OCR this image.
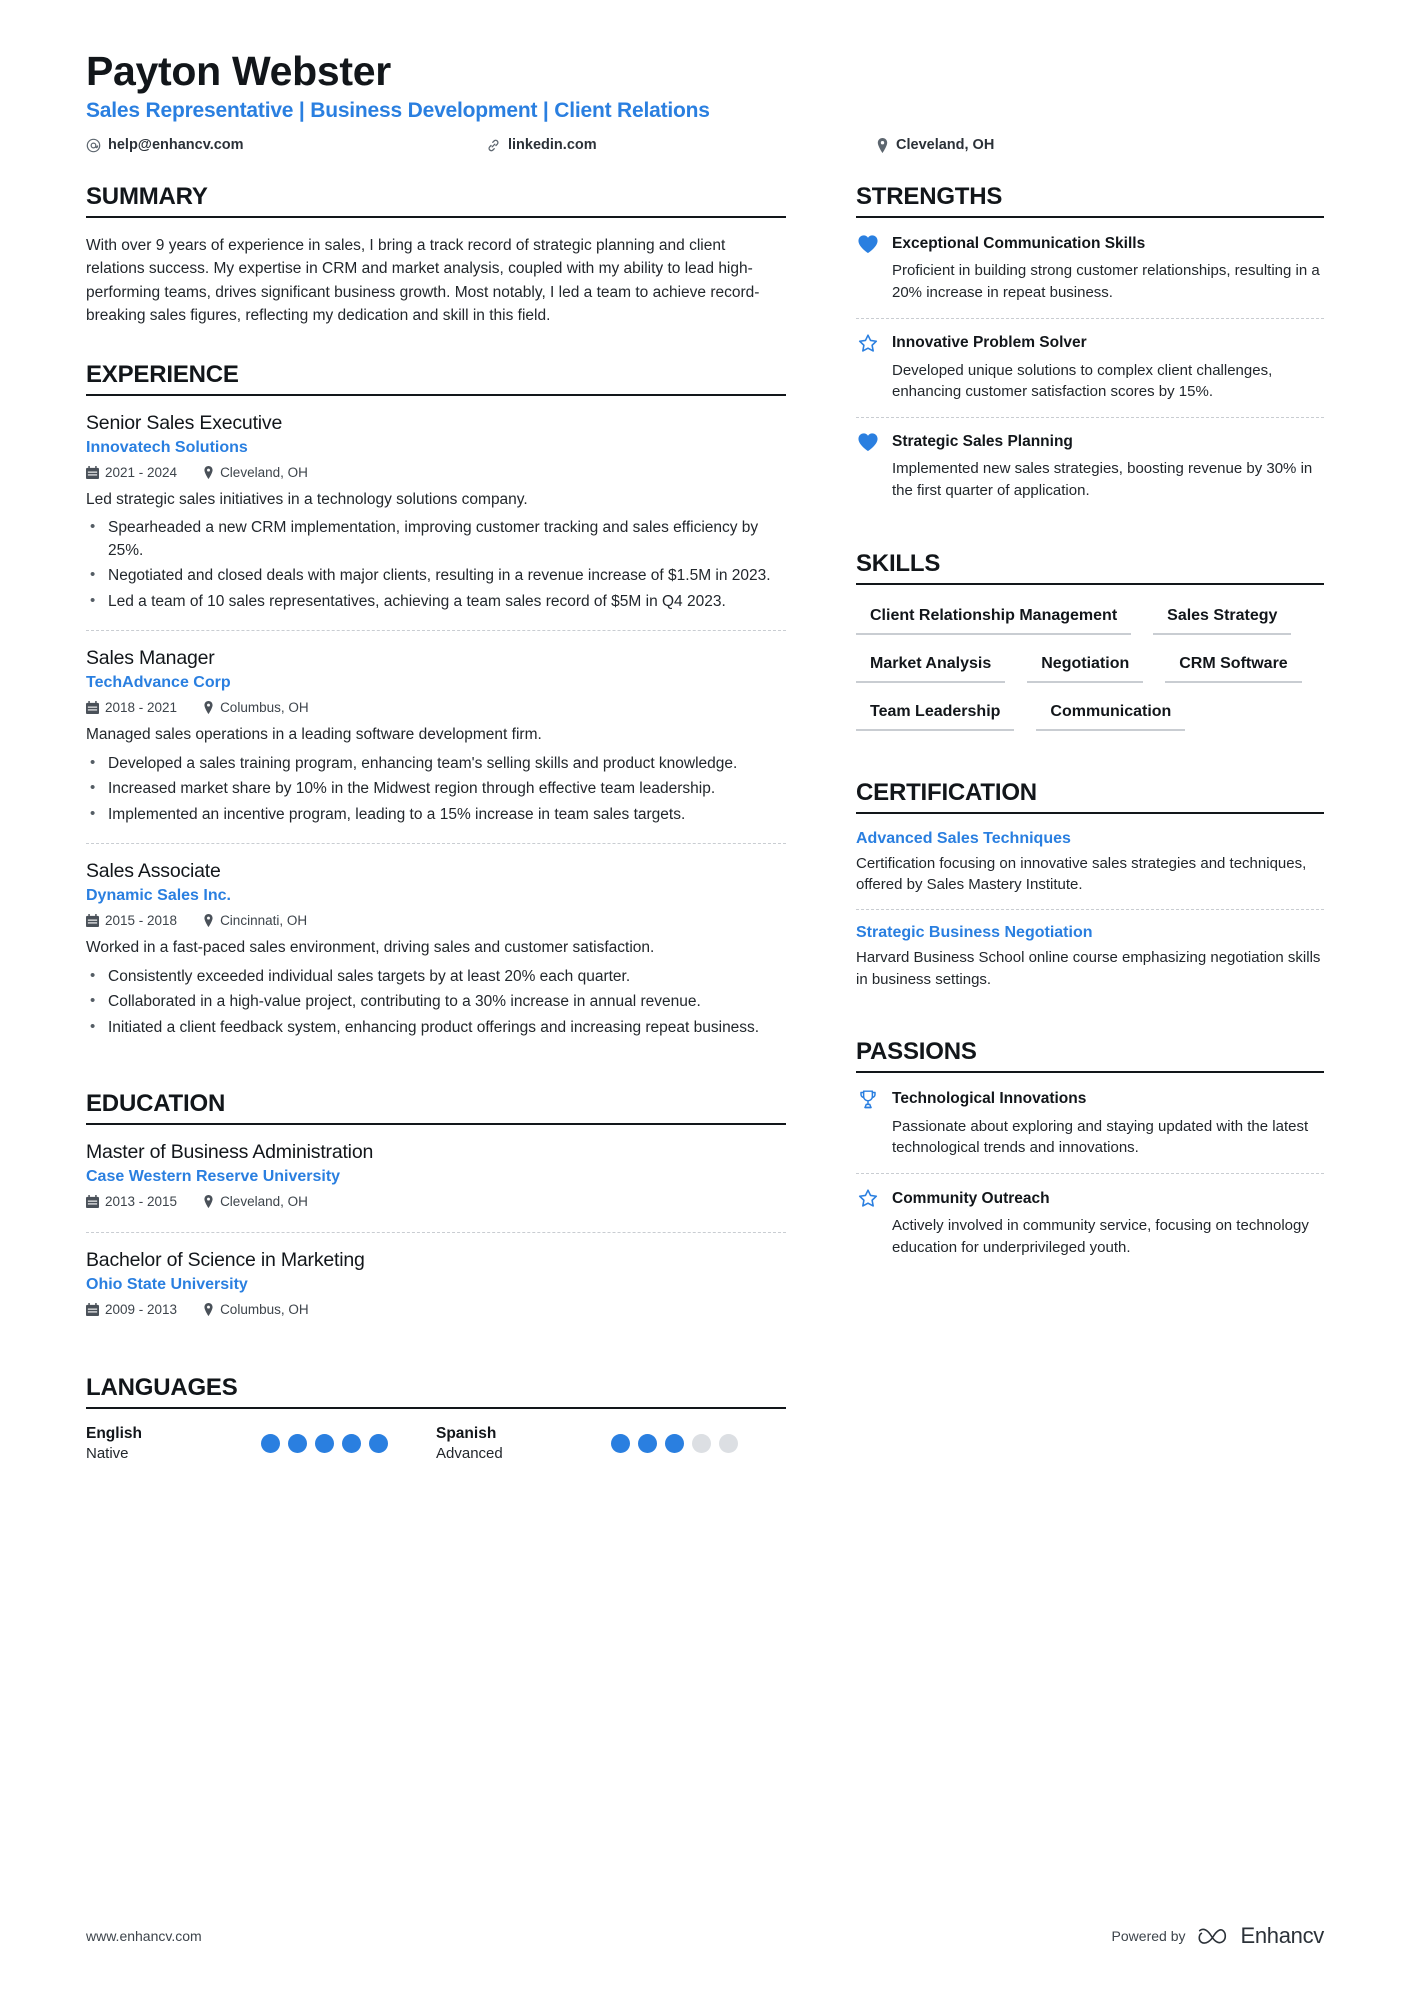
Payton Webster
Sales Representative | Business Development | Client Relations
help@enhancv.com	linkedin.com	Cleveland, OH
SUMMARY
With over 9 years of experience in sales, I bring a track record of strategic planning and client relations success. My expertise in CRM and market analysis, coupled with my ability to lead high-performing teams, drives significant business growth. Most notably, I led a team to achieve record-breaking sales figures, reflecting my dedication and skill in this field.
EXPERIENCE
Senior Sales Executive
Innovatech Solutions
2021 - 2024	Cleveland, OH
Led strategic sales initiatives in a technology solutions company.
• Spearheaded a new CRM implementation, improving customer tracking and sales efficiency by 25%.
• Negotiated and closed deals with major clients, resulting in a revenue increase of $1.5M in 2023.
• Led a team of 10 sales representatives, achieving a team sales record of $5M in Q4 2023.
Sales Manager
TechAdvance Corp
2018 - 2021	Columbus, OH
Managed sales operations in a leading software development firm.
• Developed a sales training program, enhancing team's selling skills and product knowledge.
• Increased market share by 10% in the Midwest region through effective team leadership.
• Implemented an incentive program, leading to a 15% increase in team sales targets.
Sales Associate
Dynamic Sales Inc.
2015 - 2018	Cincinnati, OH
Worked in a fast-paced sales environment, driving sales and customer satisfaction.
• Consistently exceeded individual sales targets by at least 20% each quarter.
• Collaborated in a high-value project, contributing to a 30% increase in annual revenue.
• Initiated a client feedback system, enhancing product offerings and increasing repeat business.
EDUCATION
Master of Business Administration
Case Western Reserve University
2013 - 2015	Cleveland, OH
Bachelor of Science in Marketing
Ohio State University
2009 - 2013	Columbus, OH
LANGUAGES
English
Native
Spanish
Advanced
STRENGTHS
Exceptional Communication Skills
Proficient in building strong customer relationships, resulting in a 20% increase in repeat business.
Innovative Problem Solver
Developed unique solutions to complex client challenges, enhancing customer satisfaction scores by 15%.
Strategic Sales Planning
Implemented new sales strategies, boosting revenue by 30% in the first quarter of application.
SKILLS
Client Relationship Management	Sales Strategy
Market Analysis	Negotiation	CRM Software
Team Leadership	Communication
CERTIFICATION
Advanced Sales Techniques
Certification focusing on innovative sales strategies and techniques, offered by Sales Mastery Institute.
Strategic Business Negotiation
Harvard Business School online course emphasizing negotiation skills in business settings.
PASSIONS
Technological Innovations
Passionate about exploring and staying updated with the latest technological trends and innovations.
Community Outreach
Actively involved in community service, focusing on technology education for underprivileged youth.
www.enhancv.com	Powered by	Enhancv
